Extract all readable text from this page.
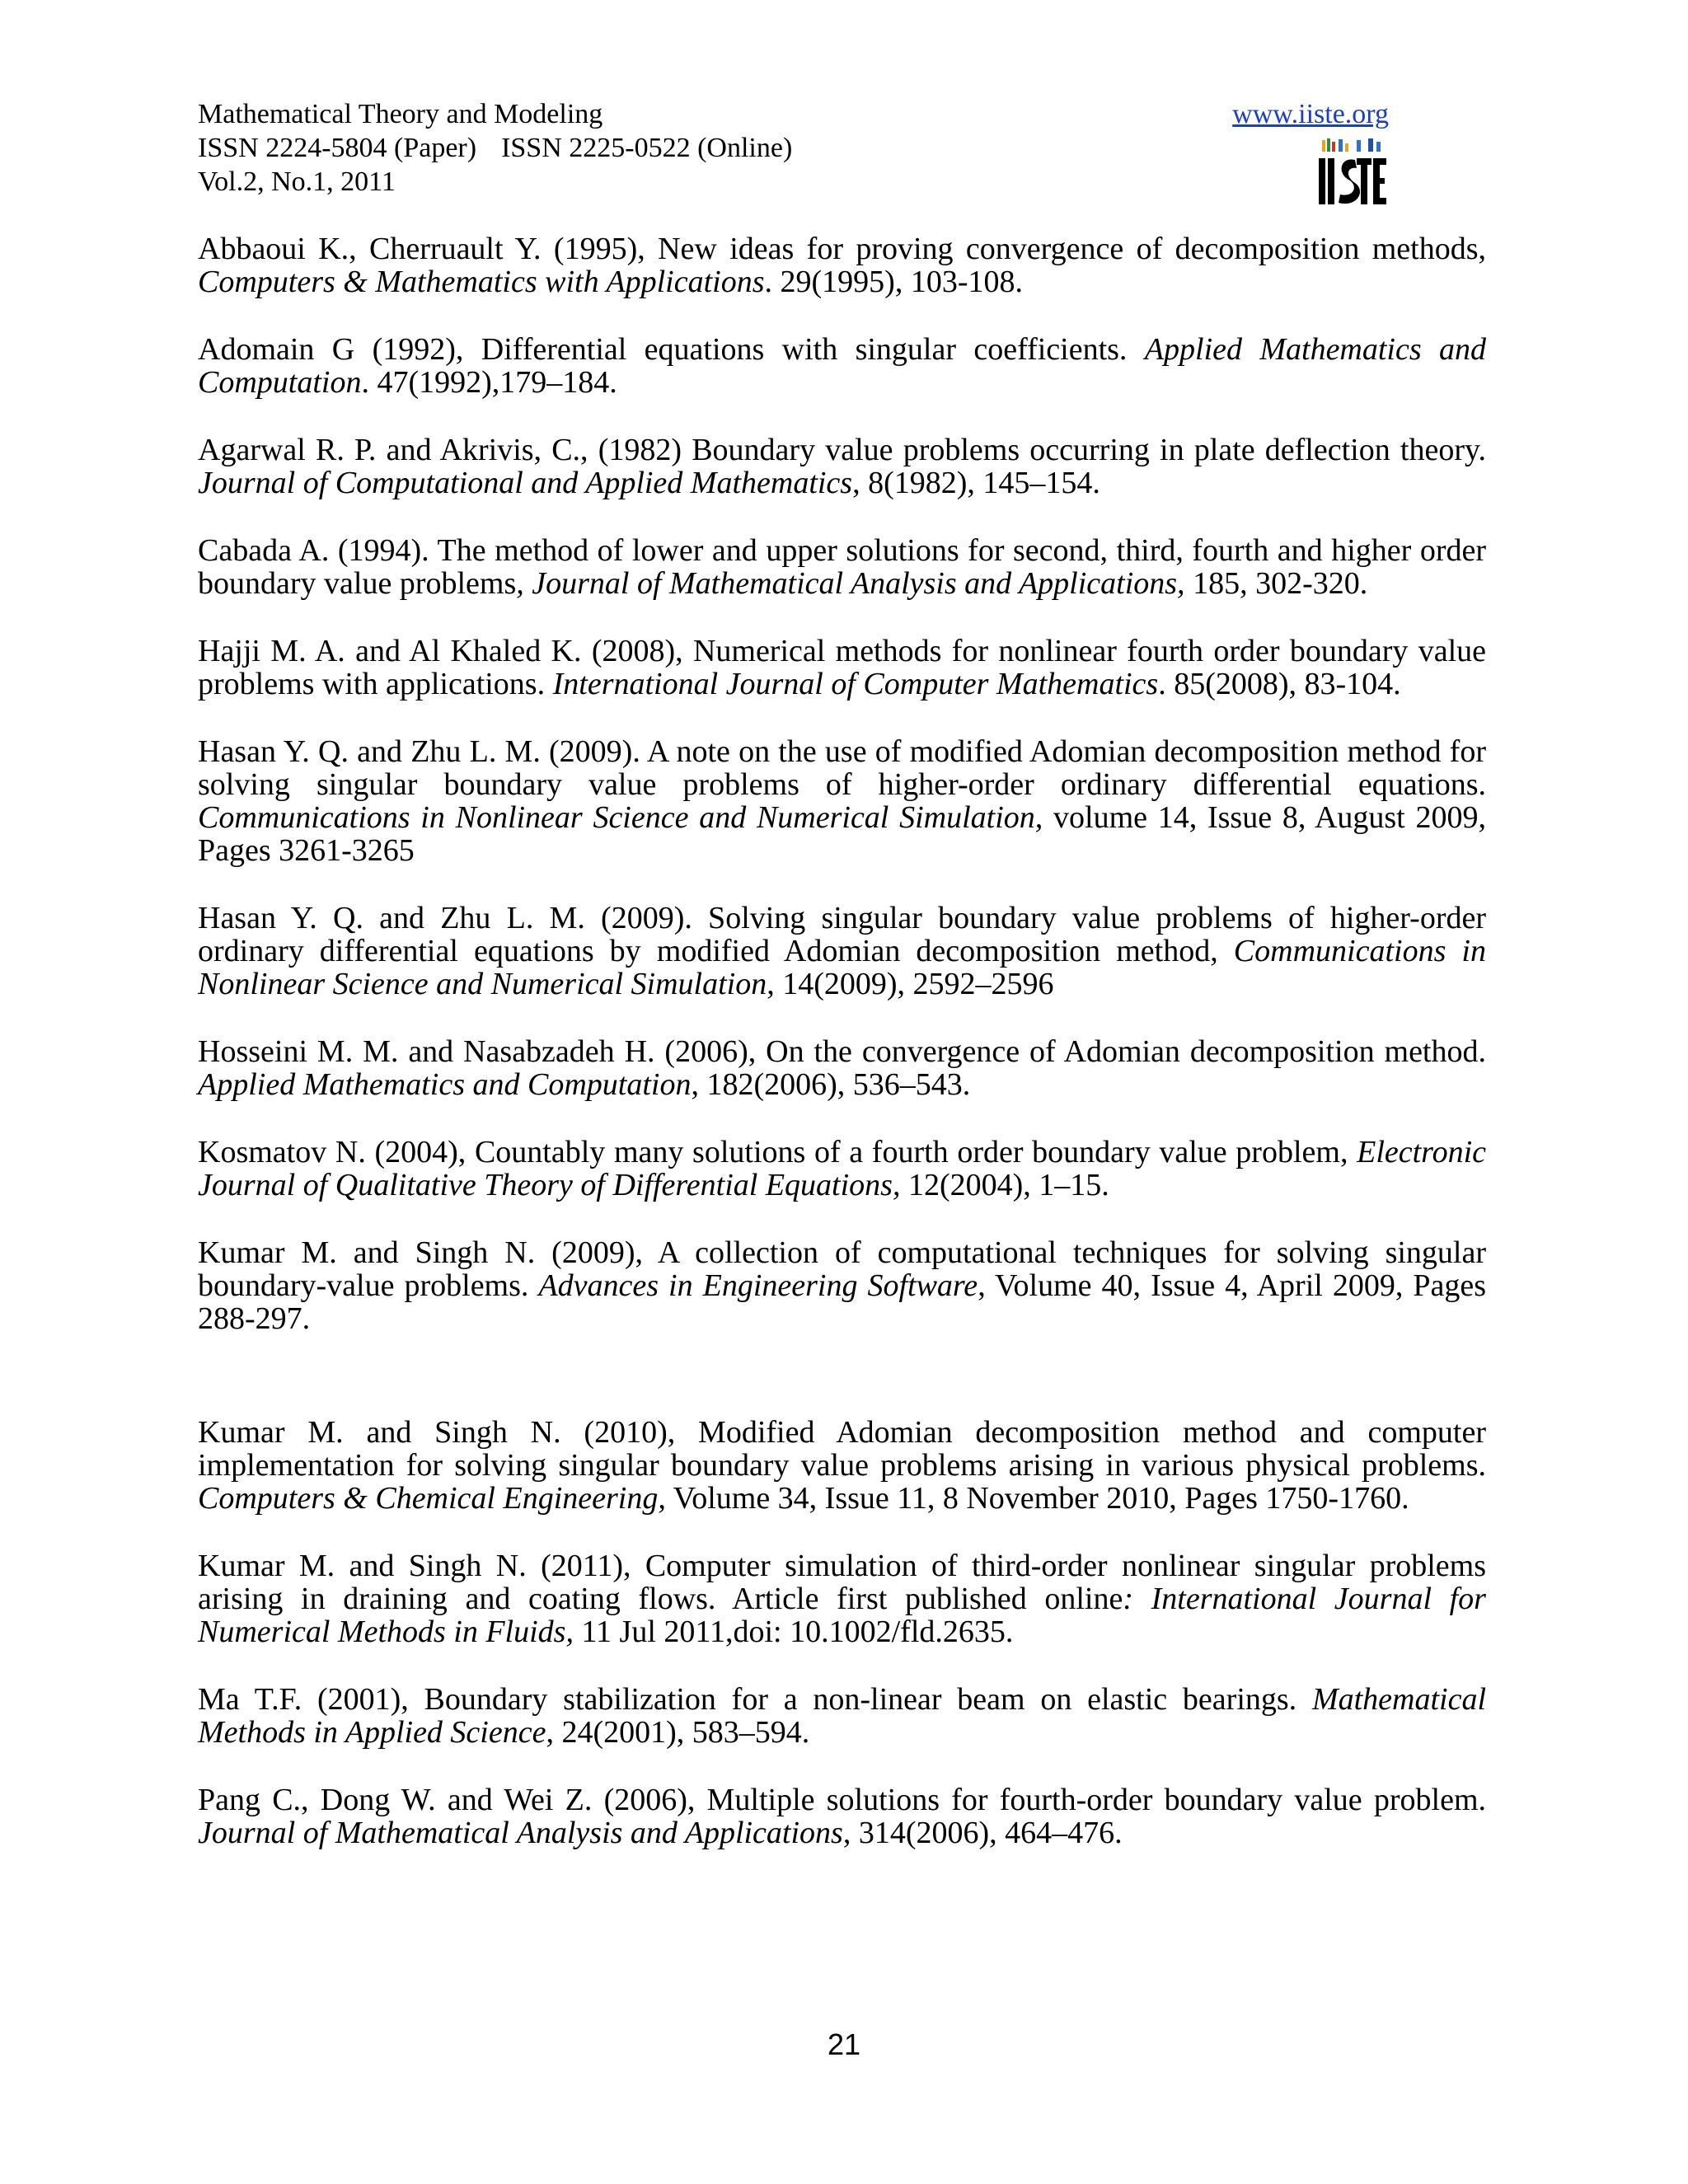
Mathematical Theory and Modeling
ISSN 2224-5804 (Paper) ISSN 2225-0522 (Online)
Vol.2, No.1, 2011
www.iiste.org

Abbaoui K., Cherruault Y. (1995), New ideas for proving convergence of decomposition methods, Computers & Mathematics with Applications. 29(1995), 103-108.

Adomain G (1992), Differential equations with singular coefficients. Applied Mathematics and Computation. 47(1992),179–184.

Agarwal R. P. and Akrivis, C., (1982) Boundary value problems occurring in plate deflection theory. Journal of Computational and Applied Mathematics, 8(1982), 145–154.

Cabada A. (1994). The method of lower and upper solutions for second, third, fourth and higher order boundary value problems, Journal of Mathematical Analysis and Applications, 185, 302-320.

Hajji M. A. and Al Khaled K. (2008), Numerical methods for nonlinear fourth order boundary value problems with applications. International Journal of Computer Mathematics. 85(2008), 83-104.

Hasan Y. Q. and Zhu L. M. (2009). A note on the use of modified Adomian decomposition method for solving singular boundary value problems of higher-order ordinary differential equations. Communications in Nonlinear Science and Numerical Simulation, volume 14, Issue 8, August 2009, Pages 3261-3265

Hasan Y. Q. and Zhu L. M. (2009). Solving singular boundary value problems of higher-order ordinary differential equations by modified Adomian decomposition method, Communications in Nonlinear Science and Numerical Simulation, 14(2009), 2592–2596

Hosseini M. M. and Nasabzadeh H. (2006), On the convergence of Adomian decomposition method. Applied Mathematics and Computation, 182(2006), 536–543.

Kosmatov N. (2004), Countably many solutions of a fourth order boundary value problem, Electronic Journal of Qualitative Theory of Differential Equations, 12(2004), 1–15.

Kumar M. and Singh N. (2009), A collection of computational techniques for solving singular boundary-value problems. Advances in Engineering Software, Volume 40, Issue 4, April 2009, Pages 288-297.

Kumar M. and Singh N. (2010), Modified Adomian decomposition method and computer implementation for solving singular boundary value problems arising in various physical problems. Computers & Chemical Engineering, Volume 34, Issue 11, 8 November 2010, Pages 1750-1760.

Kumar M. and Singh N. (2011), Computer simulation of third-order nonlinear singular problems arising in draining and coating flows. Article first published online: International Journal for Numerical Methods in Fluids, 11 Jul 2011,doi: 10.1002/fld.2635.

Ma T.F. (2001), Boundary stabilization for a non-linear beam on elastic bearings. Mathematical Methods in Applied Science, 24(2001), 583–594.

Pang C., Dong W. and Wei Z. (2006), Multiple solutions for fourth-order boundary value problem. Journal of Mathematical Analysis and Applications, 314(2006), 464–476.

21
